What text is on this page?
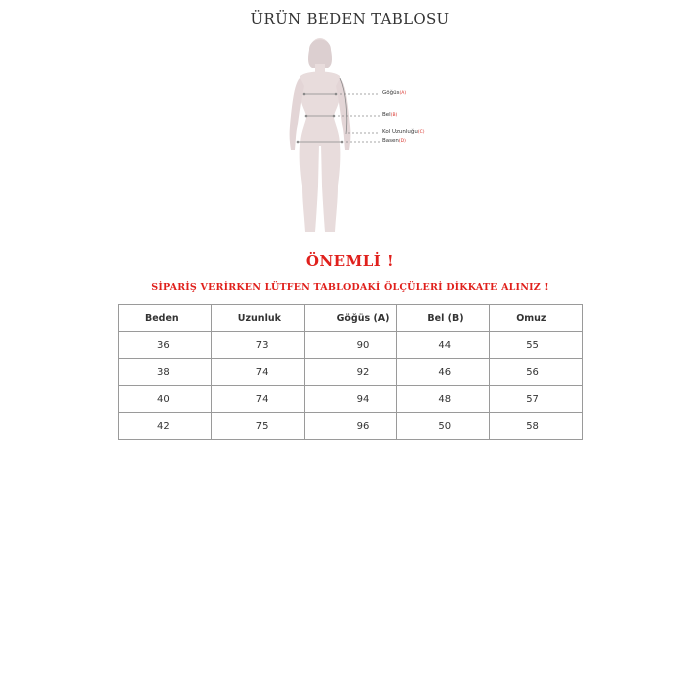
ÜRÜN BEDEN TABLOSU
Göğüs(A)
Bel(B)
Kol Uzunluğu(C)
Basen(D)
ÖNEMLİ !
SİPARİŞ VERİRKEN LÜTFEN TABLODAKİ ÖLÇÜLERİ DİKKATE ALINIZ !
Beden	Uzunluk	Göğüs (A)	Bel (B)	Omuz
36	73	90	44	55
38	74	92	46	56
40	74	94	48	57
42	75	96	50	58
